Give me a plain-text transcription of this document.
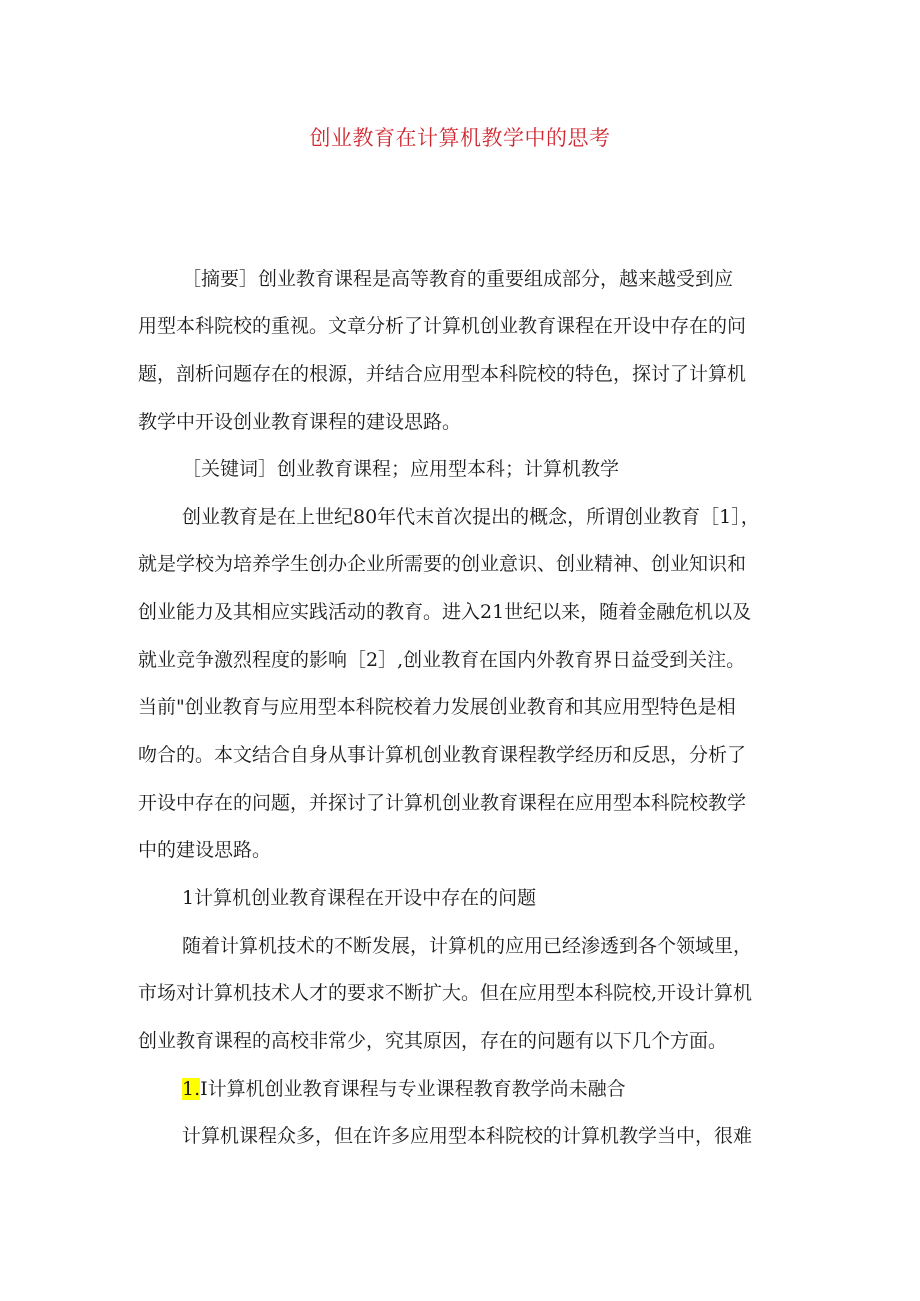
创业教育在计算机教学中的思考
［摘要］创业教育课程是高等教育的重要组成部分，越来越受到应
用型本科院校的重视。文章分析了计算机创业教育课程在开设中存在的问
题，剖析问题存在的根源，并结合应用型本科院校的特色，探讨了计算机
教学中开设创业教育课程的建设思路。
［关键词］创业教育课程；应用型本科；计算机教学
创业教育是在上世纪80年代末首次提出的概念，所谓创业教育［1］，
就是学校为培养学生创办企业所需要的创业意识、创业精神、创业知识和
创业能力及其相应实践活动的教育。进入21世纪以来，随着金融危机以及
就业竞争激烈程度的影响［2］,创业教育在国内外教育界日益受到关注。
当前"创业教育与应用型本科院校着力发展创业教育和其应用型特色是相
吻合的。本文结合自身从事计算机创业教育课程教学经历和反思，分析了
开设中存在的问题，并探讨了计算机创业教育课程在应用型本科院校教学
中的建设思路。
1计算机创业教育课程在开设中存在的问题
随着计算机技术的不断发展，计算机的应用已经渗透到各个领域里，
市场对计算机技术人才的要求不断扩大。但在应用型本科院校,开设计算机
创业教育课程的高校非常少，究其原因，存在的问题有以下几个方面。
1.I计算机创业教育课程与专业课程教育教学尚未融合
计算机课程众多，但在许多应用型本科院校的计算机教学当中，很难
